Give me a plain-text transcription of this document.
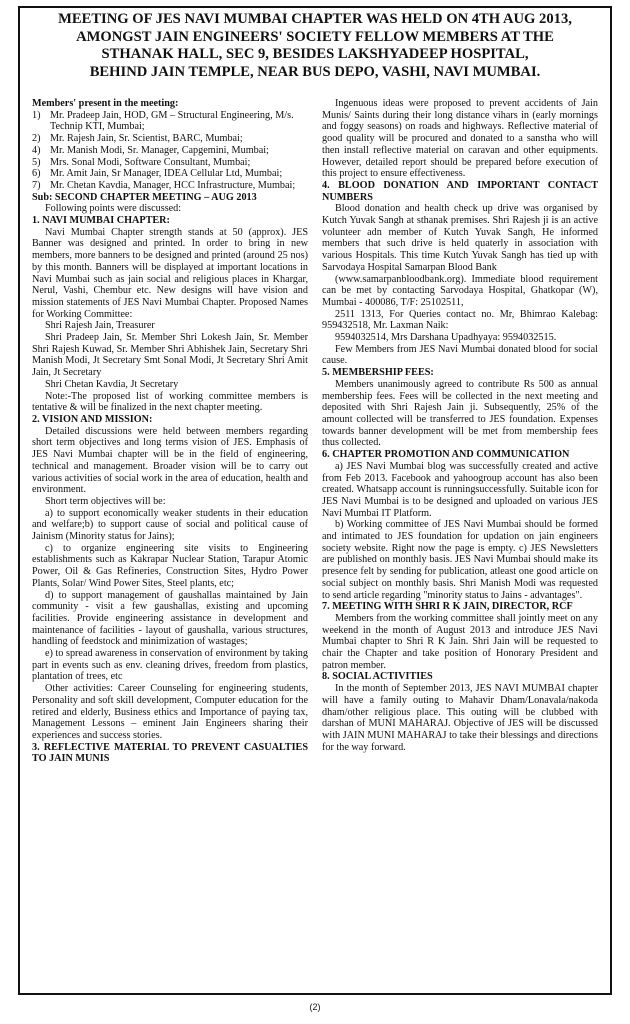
MEETING OF JES NAVI MUMBAI CHAPTER WAS HELD ON 4TH AUG 2013,
AMONGST JAIN ENGINEERS' SOCIETY FELLOW MEMBERS AT THE
STHANAK HALL, SEC 9, BESIDES LAKSHYADEEP HOSPITAL,
BEHIND JAIN TEMPLE, NEAR BUS DEPO, VASHI, NAVI MUMBAI.

Members' present in the meeting:

1) Mr. Pradeep Jain, HOD, GM – Structural Engineering, M/s. Technip KTI, Mumbai;
2) Mr. Rajesh Jain, Sr. Scientist, BARC, Mumbai;
4) Mr. Manish Modi, Sr. Manager, Capgemini, Mumbai;
5) Mrs. Sonal Modi, Software Consultant, Mumbai;
6) Mr. Amit Jain, Sr Manager, IDEA Cellular Ltd, Mumbai;
7) Mr. Chetan Kavdia, Manager, HCC Infrastructure, Mumbai;

Sub: SECOND CHAPTER MEETING – AUG 2013

Following points were discussed:

1. NAVI MUMBAI CHAPTER:

Navi Mumbai Chapter strength stands at 50 (approx). JES Banner was designed and printed. In order to bring in new members, more banners to be designed and printed (around 25 nos) by this month. Banners will be displayed at important locations in Navi Mumbai such as jain social and religious places in Khargar, Nerul, Vashi, Chembur etc. New designs will have vision and mission statements of JES Navi Mumbai Chapter. Proposed Names for Working Committee:

Shri Rajesh Jain, Treasurer

Shri Pradeep Jain, Sr. Member Shri Lokesh Jain, Sr. Member Shri Rajesh Kuwad, Sr. Member Shri Abhishek Jain, Secretary Shri Manish Modi, Jt Secretary Smt Sonal Modi, Jt Secretary Shri Amit Jain, Jt Secretary

Shri Chetan Kavdia, Jt Secretary

Note:-The proposed list of working committee members is tentative & will be finalized in the next chapter meeting.

2. VISION AND MISSION:

Detailed discussions were held between members regarding short term objectives and long terms vision of JES. Emphasis of JES Navi Mumbai chapter will be in the field of engineering, technical and management. Broader vision will be to carry out various activities of social work in the area of education, health and environment.

Short term objectives will be:

a) to support economically weaker students in their education and welfare;b) to support cause of social and political cause of Jainism (Minority status for Jains);

c) to organize engineering site visits to Engineering establishments such as Kakrapar Nuclear Station, Tarapur Atomic Power, Oil & Gas Refineries, Construction Sites, Hydro Power Plants, Solar/ Wind Power Sites, Steel plants, etc;

d) to support management of gaushallas maintained by Jain community - visit a few gaushallas, existing and upcoming facilities. Provide engineering assistance in development and maintenance of facilities - layout of gaushalla, various structures, handling of feedstock and minimization of wastages;

e) to spread awareness in conservation of environment by taking part in events such as env. cleaning drives, freedom from plastics, plantation of trees, etc

Other activities: Career Counseling for engineering students, Personality and soft skill development, Computer education for the retired and elderly, Business ethics and Importance of paying tax, Management Lessons – eminent Jain Engineers sharing their experiences and success stories.

3. REFLECTIVE MATERIAL TO PREVENT CASUALTIES TO JAIN MUNIS

Ingenuous ideas were proposed to prevent accidents of Jain Munis/ Saints during their long distance vihars in (early mornings and foggy seasons) on roads and highways. Reflective material of good quality will be procured and donated to a sanstha who will then install reflective material on caravan and other equipments. However, detailed report should be prepared before execution of this project to ensure effectiveness.

4. BLOOD DONATION AND IMPORTANT CONTACT NUMBERS

Blood donation and health check up drive was organised by Kutch Yuvak Sangh at sthanak premises. Shri Rajesh ji is an active volunteer adn member of Kutch Yuvak Sangh, He informed members that such drive is held quaterly in association with various Hospitals. This time Kutch Yuvak Sangh has tied up with Sarvodaya Hospital Samarpan Blood Bank

(www.samarpanbloodbank.org). Immediate blood requirement can be met by contacting Sarvodaya Hospital, Ghatkopar (W), Mumbai - 400086, T/F: 25102511,

2511 1313, For Queries contact no. Mr, Bhimrao Kalebag: 959432518, Mr. Laxman Naik:

9594032514, Mrs Darshana Upadhyaya: 9594032515.

Few Members from JES Navi Mumbai donated blood for social cause.

5. MEMBERSHIP FEES:

Members unanimously agreed to contribute Rs 500 as annual membership fees. Fees will be collected in the next meeting and deposited with Shri Rajesh Jain ji. Subsequently, 25% of the amount collected will be transferred to JES foundation. Expenses towards banner development will be met from membership fees thus collected.

6. CHAPTER PROMOTION AND COMMUNICATION

a) JES Navi Mumbai blog was successfully created and active from Feb 2013. Facebook and yahoogroup account has also been created. Whatsapp account is runningsuccessfully. Suitable icon for JES Navi Mumbai is to be designed and uploaded on various JES Navi Mumbai IT Platform.

b) Working committee of JES Navi Mumbai should be formed and intimated to JES foundation for updation on jain engineers society website. Right now the page is empty. c) JES Newsletters are published on monthly basis. JES Navi Mumbai should make its presence felt by sending for publication, atleast one good article on social subject on monthly basis. Shri Manish Modi was requested to send article regarding "minority status to Jains - advantages".

7. MEETING WITH SHRI R K JAIN, DIRECTOR, RCF

Members from the working committee shall jointly meet on any weekend in the month of August 2013 and introduce JES Navi Mumbai chapter to Shri R K Jain. Shri Jain will be requested to chair the Chapter and take position of Honorary President and patron member.

8. SOCIAL ACTIVITIES

In the month of September 2013, JES NAVI MUMBAI chapter will have a family outing to Mahavir Dham/Lonavala/nakoda dham/other religious place. This outing will be clubbed with darshan of MUNI MAHARAJ. Objective of JES will be discussed with JAIN MUNI MAHARAJ to take their blessings and directions for the way forward.

(2)
